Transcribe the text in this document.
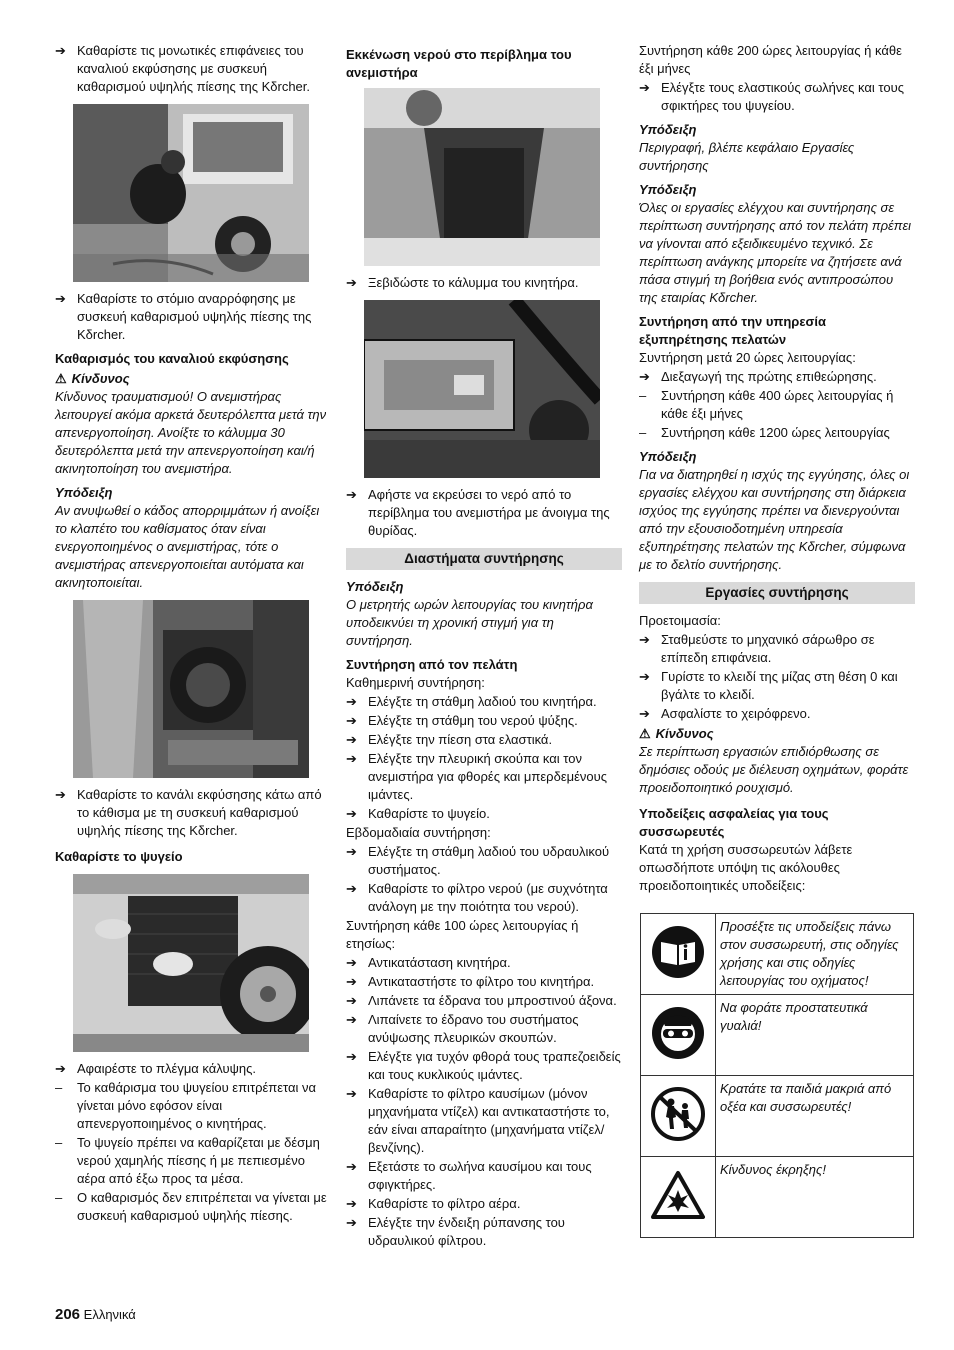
➔ Καθαρίστε τις μονωτικές επιφάνειες του καναλιού εκφύσησης με συσκευή καθαρισμού υψηλής πίεσης της Kδrcher.
➔ Καθαρίστε το στόμιο αναρρόφησης με συσκευή καθαρισμού υψηλής πίεσης της Kδrcher.
Καθαρισμός του καναλιού εκφύσησης
⚠ Κίνδυνος
Κίνδυνος τραυματισμού! Ο ανεμιστήρας λειτουργεί ακόμα αρκετά δευτερόλεπτα μετά την απενεργοποίηση. Ανοίξτε το κάλυμμα 30 δευτερόλεπτα μετά την απενεργοποίηση και/ή ακινητοποίηση του ανεμιστήρα.
Υπόδειξη
Αν ανυψωθεί ο κάδος απορριμμάτων ή ανοίξει το κλαπέτο του καθίσματος όταν είναι ενεργοποιημένος ο ανεμιστήρας, τότε ο ανεμιστήρας απενεργοποιείται αυτόματα και ακινητοποιείται.
➔ Καθαρίστε το κανάλι εκφύσησης κάτω από το κάθισμα με τη συσκευή καθαρισμού υψηλής πίεσης της Kδrcher.
Καθαρίστε το ψυγείο
➔ Αφαιρέστε το πλέγμα κάλυψης.
–	Το καθάρισμα του ψυγείου επιτρέπεται να γίνεται μόνο εφόσον είναι απενεργοποιημένος ο κινητήρας.
–	Το ψυγείο πρέπει να καθαρίζεται με δέσμη νερού χαμηλής πίεσης ή με πεπιεσμένο αέρα από έξω προς τα μέσα.
–	Ο καθαρισμός δεν επιτρέπεται να γίνεται με συσκευή καθαρισμού υψηλής πίεσης.
Εκκένωση νερού στο περίβλημα του ανεμιστήρα
➔ Ξεβιδώστε το κάλυμμα του κινητήρα.
➔ Αφήστε να εκρεύσει το νερό από το περίβλημα του ανεμιστήρα με άνοιγμα της θυρίδας.
Διαστήματα συντήρησης
Υπόδειξη
Ο μετρητής ωρών λειτουργίας του κινητήρα υποδεικνύει τη χρονική στιγμή για τη συντήρηση.
Συντήρηση από τον πελάτη
Καθημερινή συντήρηση:
➔ Ελέγξτε τη στάθμη λαδιού του κινητήρα.
➔ Ελέγξτε τη στάθμη του νερού ψύξης.
➔ Ελέγξτε την πίεση στα ελαστικά.
➔ Ελέγξτε την πλευρική σκούπα και τον ανεμιστήρα για φθορές και μπερδεμένους ιμάντες.
➔ Καθαρίστε το ψυγείο.
Εβδομαδιαία συντήρηση:
➔ Ελέγξτε τη στάθμη λαδιού του υδραυλικού συστήματος.
➔ Καθαρίστε το φίλτρο νερού (με συχνότητα ανάλογη με την ποιότητα του νερού).
Συντήρηση κάθε 100 ώρες λειτουργίας ή ετησίως:
➔ Αντικατάσταση κινητήρα.
➔ Αντικαταστήστε το φίλτρο του κινητήρα.
➔ Λιπάνετε τα έδρανα του μπροστινού άξονα.
➔ Λιπαίνετε το έδρανο του συστήματος ανύψωσης πλευρικών σκουπών.
➔ Ελέγξτε για τυχόν φθορά τους τραπεζοειδείς και τους κυκλικούς ιμάντες.
➔ Καθαρίστε το φίλτρο καυσίμων (μόνον μηχανήματα ντίζελ) και αντικαταστήστε το, εάν είναι απαραίτητο (μηχανήματα ντίζελ/βενζίνης).
➔ Εξετάστε το σωλήνα καυσίμου και τους σφιγκτήρες.
➔ Καθαρίστε το φίλτρο αέρα.
➔ Ελέγξτε την ένδειξη ρύπανσης του υδραυλικού φίλτρου.
Συντήρηση κάθε 200 ώρες λειτουργίας ή κάθε έξι μήνες
➔ Ελέγξτε τους ελαστικούς σωλήνες και τους σφικτήρες του ψυγείου.
Υπόδειξη
Περιγραφή, βλέπε κεφάλαιο Εργασίες συντήρησης
Υπόδειξη
Όλες οι εργασίες ελέγχου και συντήρησης σε περίπτωση συντήρησης από τον πελάτη πρέπει να γίνονται από εξειδικευμένο τεχνικό. Σε περίπτωση ανάγκης μπορείτε να ζητήσετε ανά πάσα στιγμή τη βοήθεια ενός αντιπροσώπου της εταιρίας Kδrcher.
Συντήρηση από την υπηρεσία εξυπηρέτησης πελατών
Συντήρηση μετά 20 ώρες λειτουργίας:
➔ Διεξαγωγή της πρώτης επιθεώρησης.
–	Συντήρηση κάθε 400 ώρες λειτουργίας ή κάθε έξι μήνες
–	Συντήρηση κάθε 1200 ώρες λειτουργίας
Υπόδειξη
Για να διατηρηθεί η ισχύς της εγγύησης, όλες οι εργασίες ελέγχου και συντήρησης στη διάρκεια ισχύος της εγγύησης πρέπει να διενεργούνται από την εξουσιοδοτημένη υπηρεσία εξυπηρέτησης πελατών της Kδrcher, σύμφωνα με το δελτίο συντήρησης.
Εργασίες συντήρησης
Προετοιμασία:
➔ Σταθμεύστε το μηχανικό σάρωθρο σε επίπεδη επιφάνεια.
➔ Γυρίστε το κλειδί της μίζας στη θέση 0 και βγάλτε το κλειδί.
➔ Ασφαλίστε το χειρόφρενο.
⚠ Κίνδυνος
Σε περίπτωση εργασιών επιδιόρθωσης σε δημόσιες οδούς με διέλευση οχημάτων, φοράτε προειδοποιητικό ρουχισμό.
Υποδείξεις ασφαλείας για τους συσσωρευτές
Κατά τη χρήση συσσωρευτών λάβετε οπωσδήποτε υπόψη τις ακόλουθες προειδοποιητικές υποδείξεις:
	Προσέξτε τις υποδείξεις πάνω στον συσσωρευτή, στις οδηγίες χρήσης και στις οδηγίες λειτουργίας του οχήματος!
	Να φοράτε προστατευτικά γυαλιά!
	Κρατάτε τα παιδιά μακριά από οξέα και συσσωρευτές!
	Κίνδυνος έκρηξης!
206 Ελληνικά
